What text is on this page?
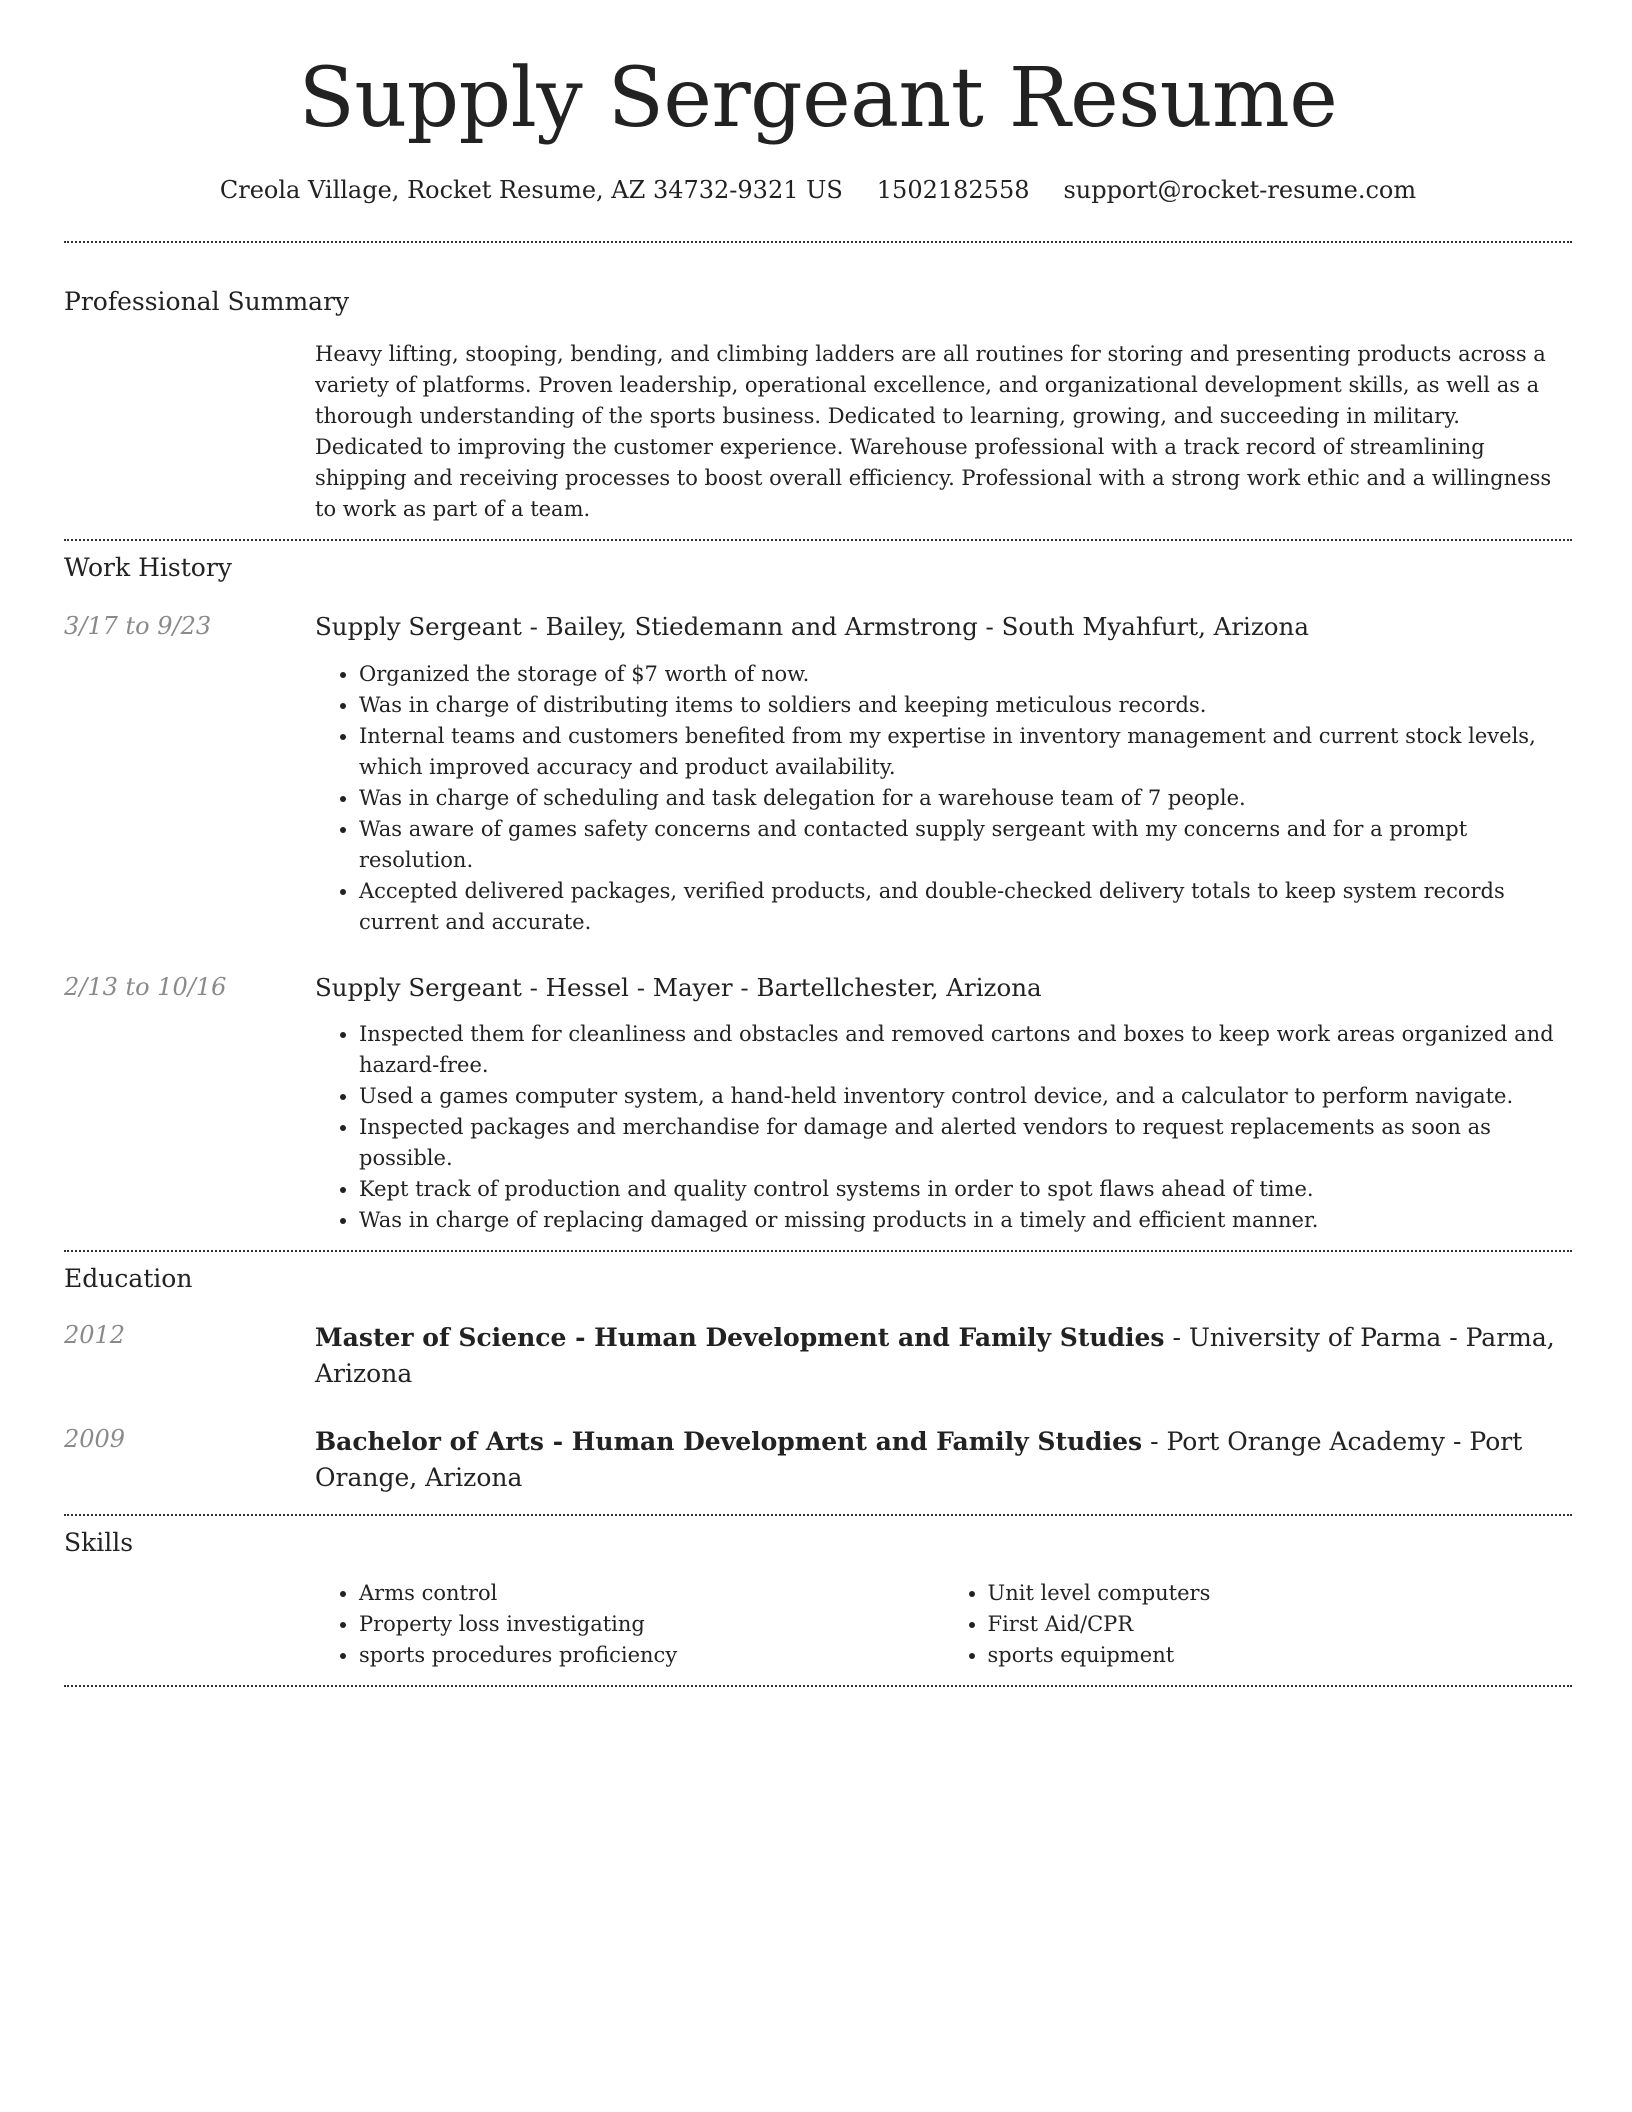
Supply Sergeant Resume
Creola Village, Rocket Resume, AZ 34732-9321 US 1502182558 support@rocket-resume.com
Professional Summary

Heavy lifting, stooping, bending, and climbing ladders are all routines for storing and presenting products across a variety of platforms. Proven leadership, operational excellence, and organizational development skills, as well as a thorough understanding of the sports business. Dedicated to learning, growing, and succeeding in military. Dedicated to improving the customer experience. Warehouse professional with a track record of streamlining shipping and receiving processes to boost overall efficiency. Professional with a strong work ethic and a willingness to work as part of a team.

Work History
3/17 to 9/23	Supply Sergeant - Bailey, Stiedemann and Armstrong - South Myahfurt, Arizona

• Organized the storage of $7 worth of now.
• Was in charge of distributing items to soldiers and keeping meticulous records.
• Internal teams and customers benefited from my expertise in inventory management and current stock levels, which improved accuracy and product availability.
• Was in charge of scheduling and task delegation for a warehouse team of 7 people.
• Was aware of games safety concerns and contacted supply sergeant with my concerns and for a prompt resolution.
• Accepted delivered packages, verified products, and double-checked delivery totals to keep system records current and accurate.
2/13 to 10/16	Supply Sergeant - Hessel - Mayer - Bartellchester, Arizona

• Inspected them for cleanliness and obstacles and removed cartons and boxes to keep work areas organized and hazard-free.
• Used a games computer system, a hand-held inventory control device, and a calculator to perform navigate.
• Inspected packages and merchandise for damage and alerted vendors to request replacements as soon as possible.
• Kept track of production and quality control systems in order to spot flaws ahead of time.
• Was in charge of replacing damaged or missing products in a timely and efficient manner.
Education
2012	Master of Science - Human Development and Family Studies - University of Parma - Parma, Arizona

2009	Bachelor of Arts - Human Development and Family Studies - Port Orange Academy - Port Orange, Arizona

Skills
• Arms control
• Property loss investigating
• sports procedures proficiency
• Unit level computers
• First Aid/CPR
• sports equipment
